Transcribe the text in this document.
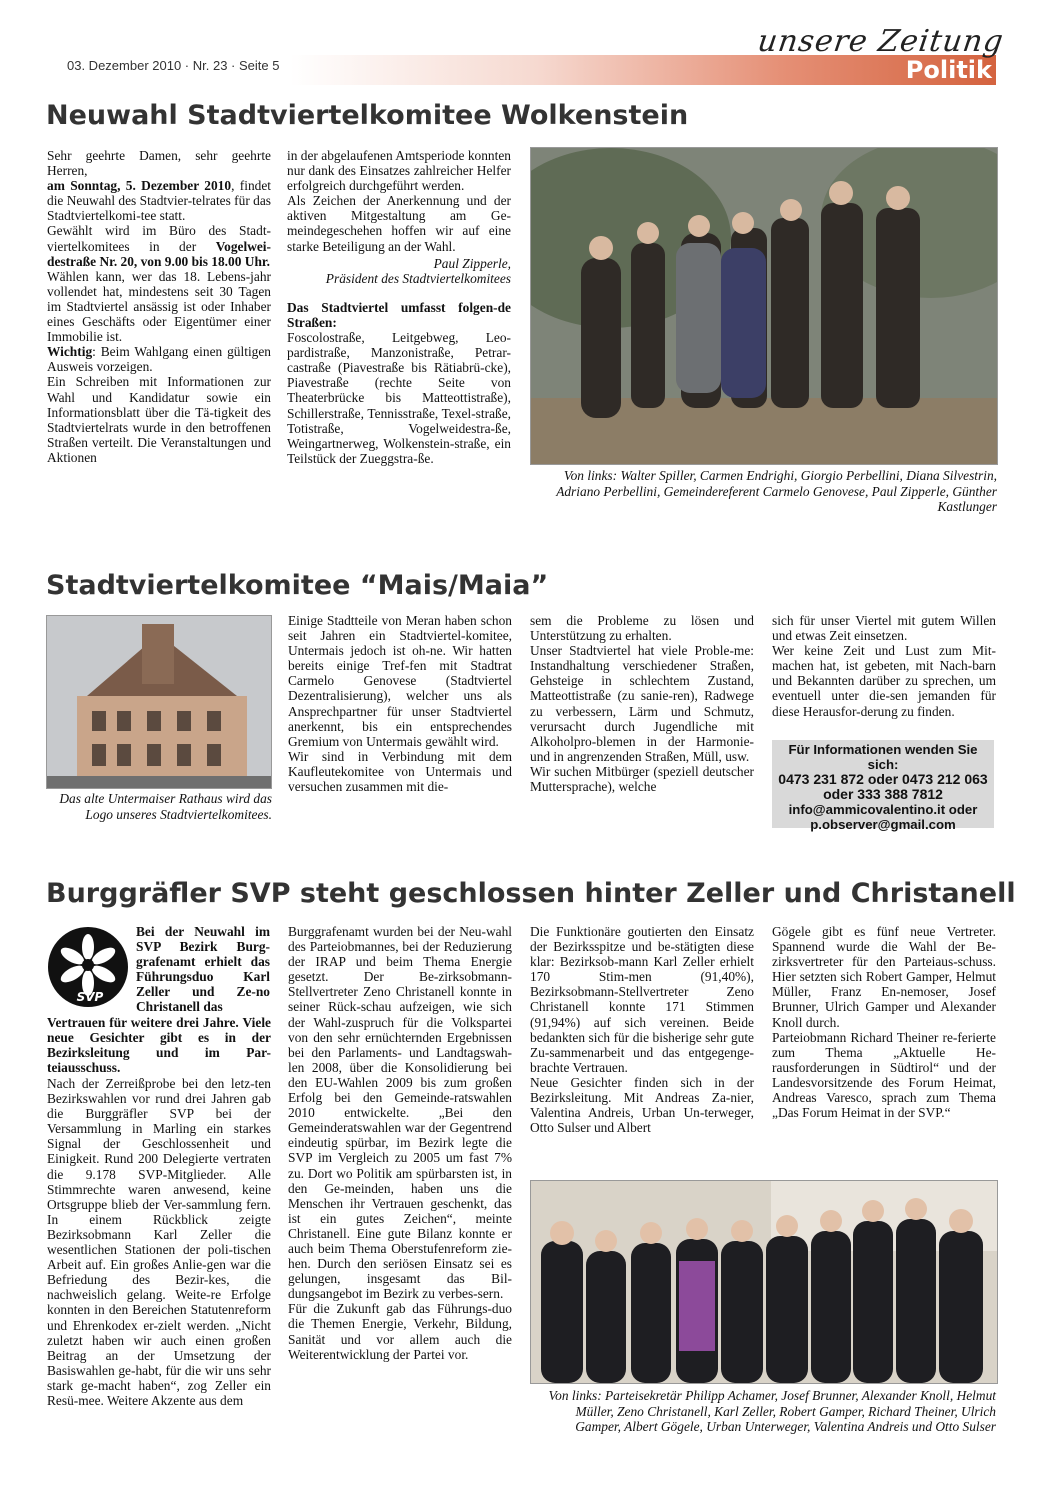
03. Dezember 2010 · Nr. 23 · Seite 5
unsere Zeitung
Politik
Neuwahl Stadtviertelkomitee Wolkenstein

Sehr geehrte Damen, sehr geehrte Herren,

am Sonntag, 5. Dezember 2010, findet die Neuwahl des Stadtvier-telrates für das Stadtviertelkomi-tee statt.

Gewählt wird im Büro des Stadt-viertelkomitees in der Vogelwei-destraße Nr. 20, von 9.00 bis 18.00 Uhr.

Wählen kann, wer das 18. Lebens-jahr vollendet hat, mindestens seit 30 Tagen im Stadtviertel ansässig ist oder Inhaber eines Geschäfts oder Eigentümer einer Immobilie ist.

Wichtig: Beim Wahlgang einen gültigen Ausweis vorzeigen.

Ein Schreiben mit Informationen zur Wahl und Kandidatur sowie ein Informationsblatt über die Tä-tigkeit des Stadtviertelrats wurde in den betroffenen Straßen verteilt. Die Veranstaltungen und Aktionen

in der abgelaufenen Amtsperiode konnten nur dank des Einsatzes zahlreicher Helfer erfolgreich durchgeführt werden.

Als Zeichen der Anerkennung und der aktiven Mitgestaltung am Ge-meindegeschehen hoffen wir auf eine starke Beteiligung an der Wahl.

Paul Zipperle,

Präsident des Stadtviertelkomitees

Das Stadtviertel umfasst folgen-de Straßen:

Foscolostraße, Leitgebweg, Leo-pardistraße, Manzonistraße, Petrar-castraße (Piavestraße bis Rätiabrü-cke), Piavestraße (rechte Seite von Theaterbrücke bis Matteottistraße), Schillerstraße, Tennisstraße, Texel-straße, Totistraße, Vogelweidestra-ße, Weingartnerweg, Wolkenstein-straße, ein Teilstück der Zueggstra-ße.

Von links: Walter Spiller, Carmen Endrighi, Giorgio Perbellini, Diana Silvestrin, Adriano Perbellini, Gemeindereferent Carmelo Genovese, Paul Zipperle, Günther Kastlunger
Stadtviertelkomitee “Mais/Maia”
Das alte Untermaiser Rathaus wird das Logo unseres Stadtviertelkomitees.

Einige Stadtteile von Meran haben schon seit Jahren ein Stadtviertel-komitee, Untermais jedoch ist oh-ne. Wir hatten bereits einige Tref-fen mit Stadtrat Carmelo Genovese (Stadtviertel Dezentralisierung), welcher uns als Ansprechpartner für unser Stadtviertel anerkennt, bis ein entsprechendes Gremium von Untermais gewählt wird.

Wir sind in Verbindung mit dem Kaufleutekomitee von Untermais und versuchen zusammen mit die-

sem die Probleme zu lösen und Unterstützung zu erhalten.

Unser Stadtviertel hat viele Proble-me: Instandhaltung verschiedener Straßen, Gehsteige in schlechtem Zustand, Matteottistraße (zu sanie-ren), Radwege zu verbessern, Lärm und Schmutz, verursacht durch Jugendliche mit Alkoholpro-blemen in der Harmonie- und in angrenzenden Straßen, Müll, usw.

Wir suchen Mitbürger (speziell deutscher Muttersprache), welche

sich für unser Viertel mit gutem Willen und etwas Zeit einsetzen.

Wer keine Zeit und Lust zum Mit-machen hat, ist gebeten, mit Nach-barn und Bekannten darüber zu sprechen, um eventuell unter die-sen jemanden für diese Herausfor-derung zu finden.

Für Informationen wenden Sie sich:
0473 231 872 oder 0473 212 063
oder 333 388 7812
info@ammicovalentino.it oder
p.observer@gmail.com
Burggräfler SVP steht geschlossen hinter Zeller und Christanell
SVP
Bei der Neuwahl im SVP Bezirk Burg-grafenamt erhielt das Führungsduo Karl Zeller und Ze-no Christanell das
Vertrauen für weitere drei Jahre. Viele neue Gesichter gibt es in der Bezirksleitung und im Par-teiausschuss.
Nach der Zerreißprobe bei den letz-ten Bezirkswahlen vor rund drei Jahren gab die Burggräfler SVP bei der Versammlung in Marling ein starkes Signal der Geschlossenheit und Einigkeit. Rund 200 Delegierte vertraten die 9.178 SVP-Mitglieder. Alle Stimmrechte waren anwesend, keine Ortsgruppe blieb der Ver-sammlung fern. In einem Rückblick zeigte Bezirksobmann Karl Zeller die wesentlichen Stationen der poli-tischen Arbeit auf. Ein großes Anlie-gen war die Befriedung des Bezir-kes, die nachweislich gelang. Weite-re Erfolge konnten in den Bereichen Statutenreform und Ehrenkodex er-zielt werden. „Nicht zuletzt haben wir auch einen großen Beitrag an der Umsetzung der Basiswahlen ge-habt, für die wir uns sehr stark ge-macht haben“, zog Zeller ein Resü-mee. Weitere Akzente aus dem

Burggrafenamt wurden bei der Neu-wahl des Parteiobmannes, bei der Reduzierung der IRAP und beim Thema Energie gesetzt. Der Be-zirksobmann-Stellvertreter Zeno Christanell konnte in seiner Rück-schau aufzeigen, wie sich der Wahl-zuspruch für die Volkspartei von den sehr ernüchternden Ergebnissen bei den Parlaments- und Landtagswah-len 2008, über die Konsolidierung bei den EU-Wahlen 2009 bis zum großen Erfolg bei den Gemeinde-ratswahlen 2010 entwickelte. „Bei den Gemeinderatswahlen war der Gegentrend eindeutig spürbar, im Bezirk legte die SVP im Vergleich zu 2005 um fast 7% zu. Dort wo Politik am spürbarsten ist, in den Ge-meinden, haben uns die Menschen ihr Vertrauen geschenkt, das ist ein gutes Zeichen“, meinte Christanell. Eine gute Bilanz konnte er auch beim Thema Oberstufenreform zie-hen. Durch den seriösen Einsatz sei es gelungen, insgesamt das Bil-dungsangebot im Bezirk zu verbes-sern.

Für die Zukunft gab das Führungs-duo die Themen Energie, Verkehr, Bildung, Sanität und vor allem auch die Weiterentwicklung der Partei vor.

Die Funktionäre goutierten den Einsatz der Bezirksspitze und be-stätigten diese klar: Bezirksob-mann Karl Zeller erhielt 170 Stim-men (91,40%), Bezirksobmann-Stellvertreter Zeno Christanell konnte 171 Stimmen (91,94%) auf sich vereinen. Beide bedankten sich für die bisherige sehr gute Zu-sammenarbeit und das entgegenge-brachte Vertrauen.

Neue Gesichter finden sich in der Bezirksleitung. Mit Andreas Za-nier, Valentina Andreis, Urban Un-terweger, Otto Sulser und Albert

Gögele gibt es fünf neue Vertreter. Spannend wurde die Wahl der Be-zirksvertreter für den Parteiaus-schuss. Hier setzten sich Robert Gamper, Helmut Müller, Franz En-nemoser, Josef Brunner, Ulrich Gamper und Alexander Knoll durch.

Parteiobmann Richard Theiner re-ferierte zum Thema „Aktuelle He-rausforderungen in Südtirol“ und der Landesvorsitzende des Forum Heimat, Andreas Varesco, sprach zum Thema „Das Forum Heimat in der SVP.“

Von links: Parteisekretär Philipp Achamer, Josef Brunner, Alexander Knoll, Helmut Müller, Zeno Christanell, Karl Zeller, Robert Gamper, Richard Theiner, Ulrich Gamper, Albert Gögele, Urban Unterweger, Valentina Andreis und Otto Sulser
